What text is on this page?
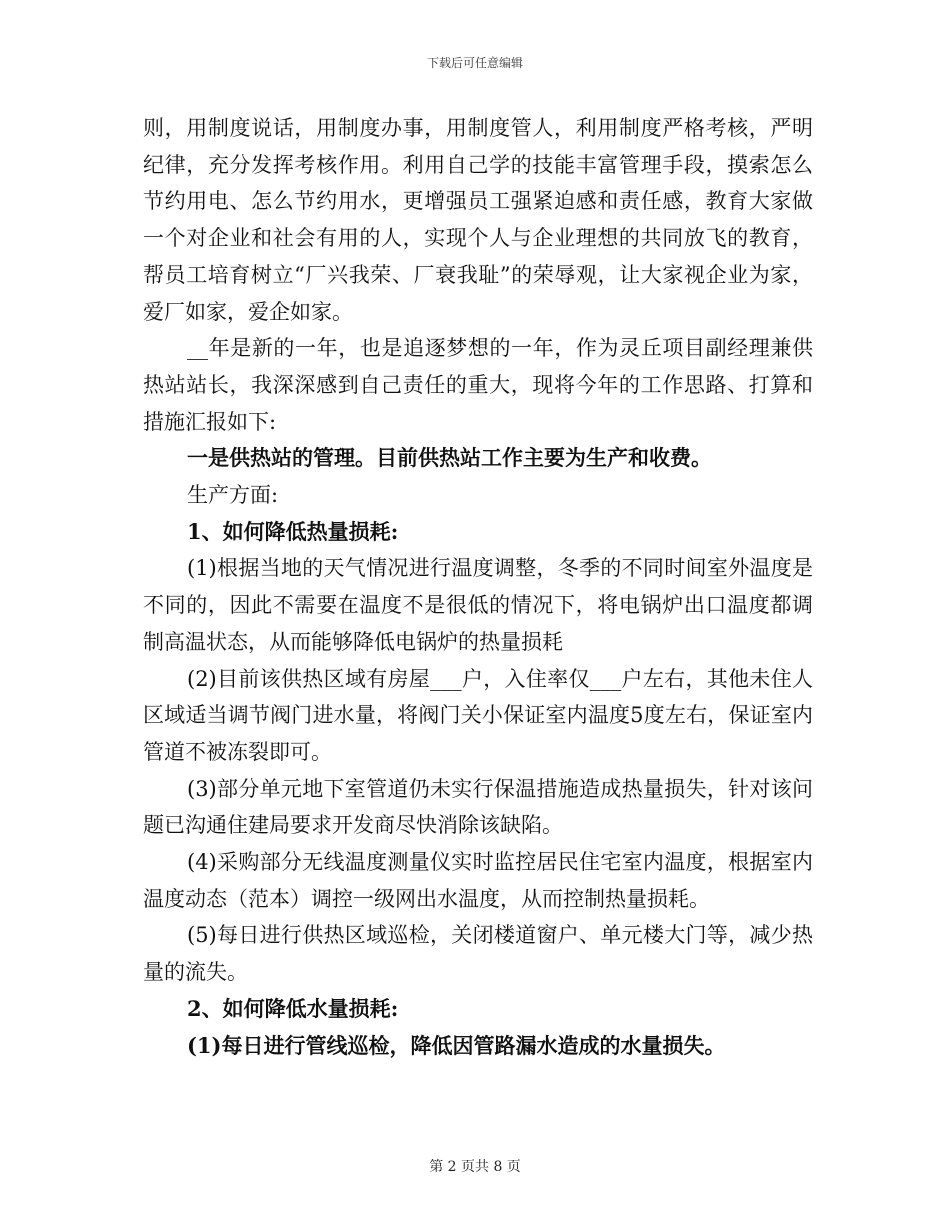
下载后可任意编辑

则，用制度说话，用制度办事，用制度管人，利用制度严格考核，严明纪律，充分发挥考核作用。利用自己学的技能丰富管理手段，摸索怎么节约用电、怎么节约用水，更增强员工强紧迫感和责任感，教育大家做一个对企业和社会有用的人，实现个人与企业理想的共同放飞的教育，帮员工培育树立“厂兴我荣、厂衰我耻”的荣辱观，让大家视企业为家，爱厂如家，爱企如家。

__年是新的一年，也是追逐梦想的一年，作为灵丘项目副经理兼供热站站长，我深深感到自己责任的重大，现将今年的工作思路、打算和措施汇报如下:

一是供热站的管理。目前供热站工作主要为生产和收费。

生产方面:

1、如何降低热量损耗:

(1)根据当地的天气情况进行温度调整，冬季的不同时间室外温度是不同的，因此不需要在温度不是很低的情况下，将电锅炉出口温度都调制高温状态，从而能够降低电锅炉的热量损耗

(2)目前该供热区域有房屋___户，入住率仅___户左右，其他未住人区域适当调节阀门进水量，将阀门关小保证室内温度5度左右，保证室内管道不被冻裂即可。

(3)部分单元地下室管道仍未实行保温措施造成热量损失，针对该问题已沟通住建局要求开发商尽快消除该缺陷。

(4)采购部分无线温度测量仪实时监控居民住宅室内温度，根据室内温度动态（范本）调控一级网出水温度，从而控制热量损耗。

(5)每日进行供热区域巡检，关闭楼道窗户、单元楼大门等，减少热量的流失。

2、如何降低水量损耗:

(1)每日进行管线巡检，降低因管路漏水造成的水量损失。

第 2 页共 8 页
